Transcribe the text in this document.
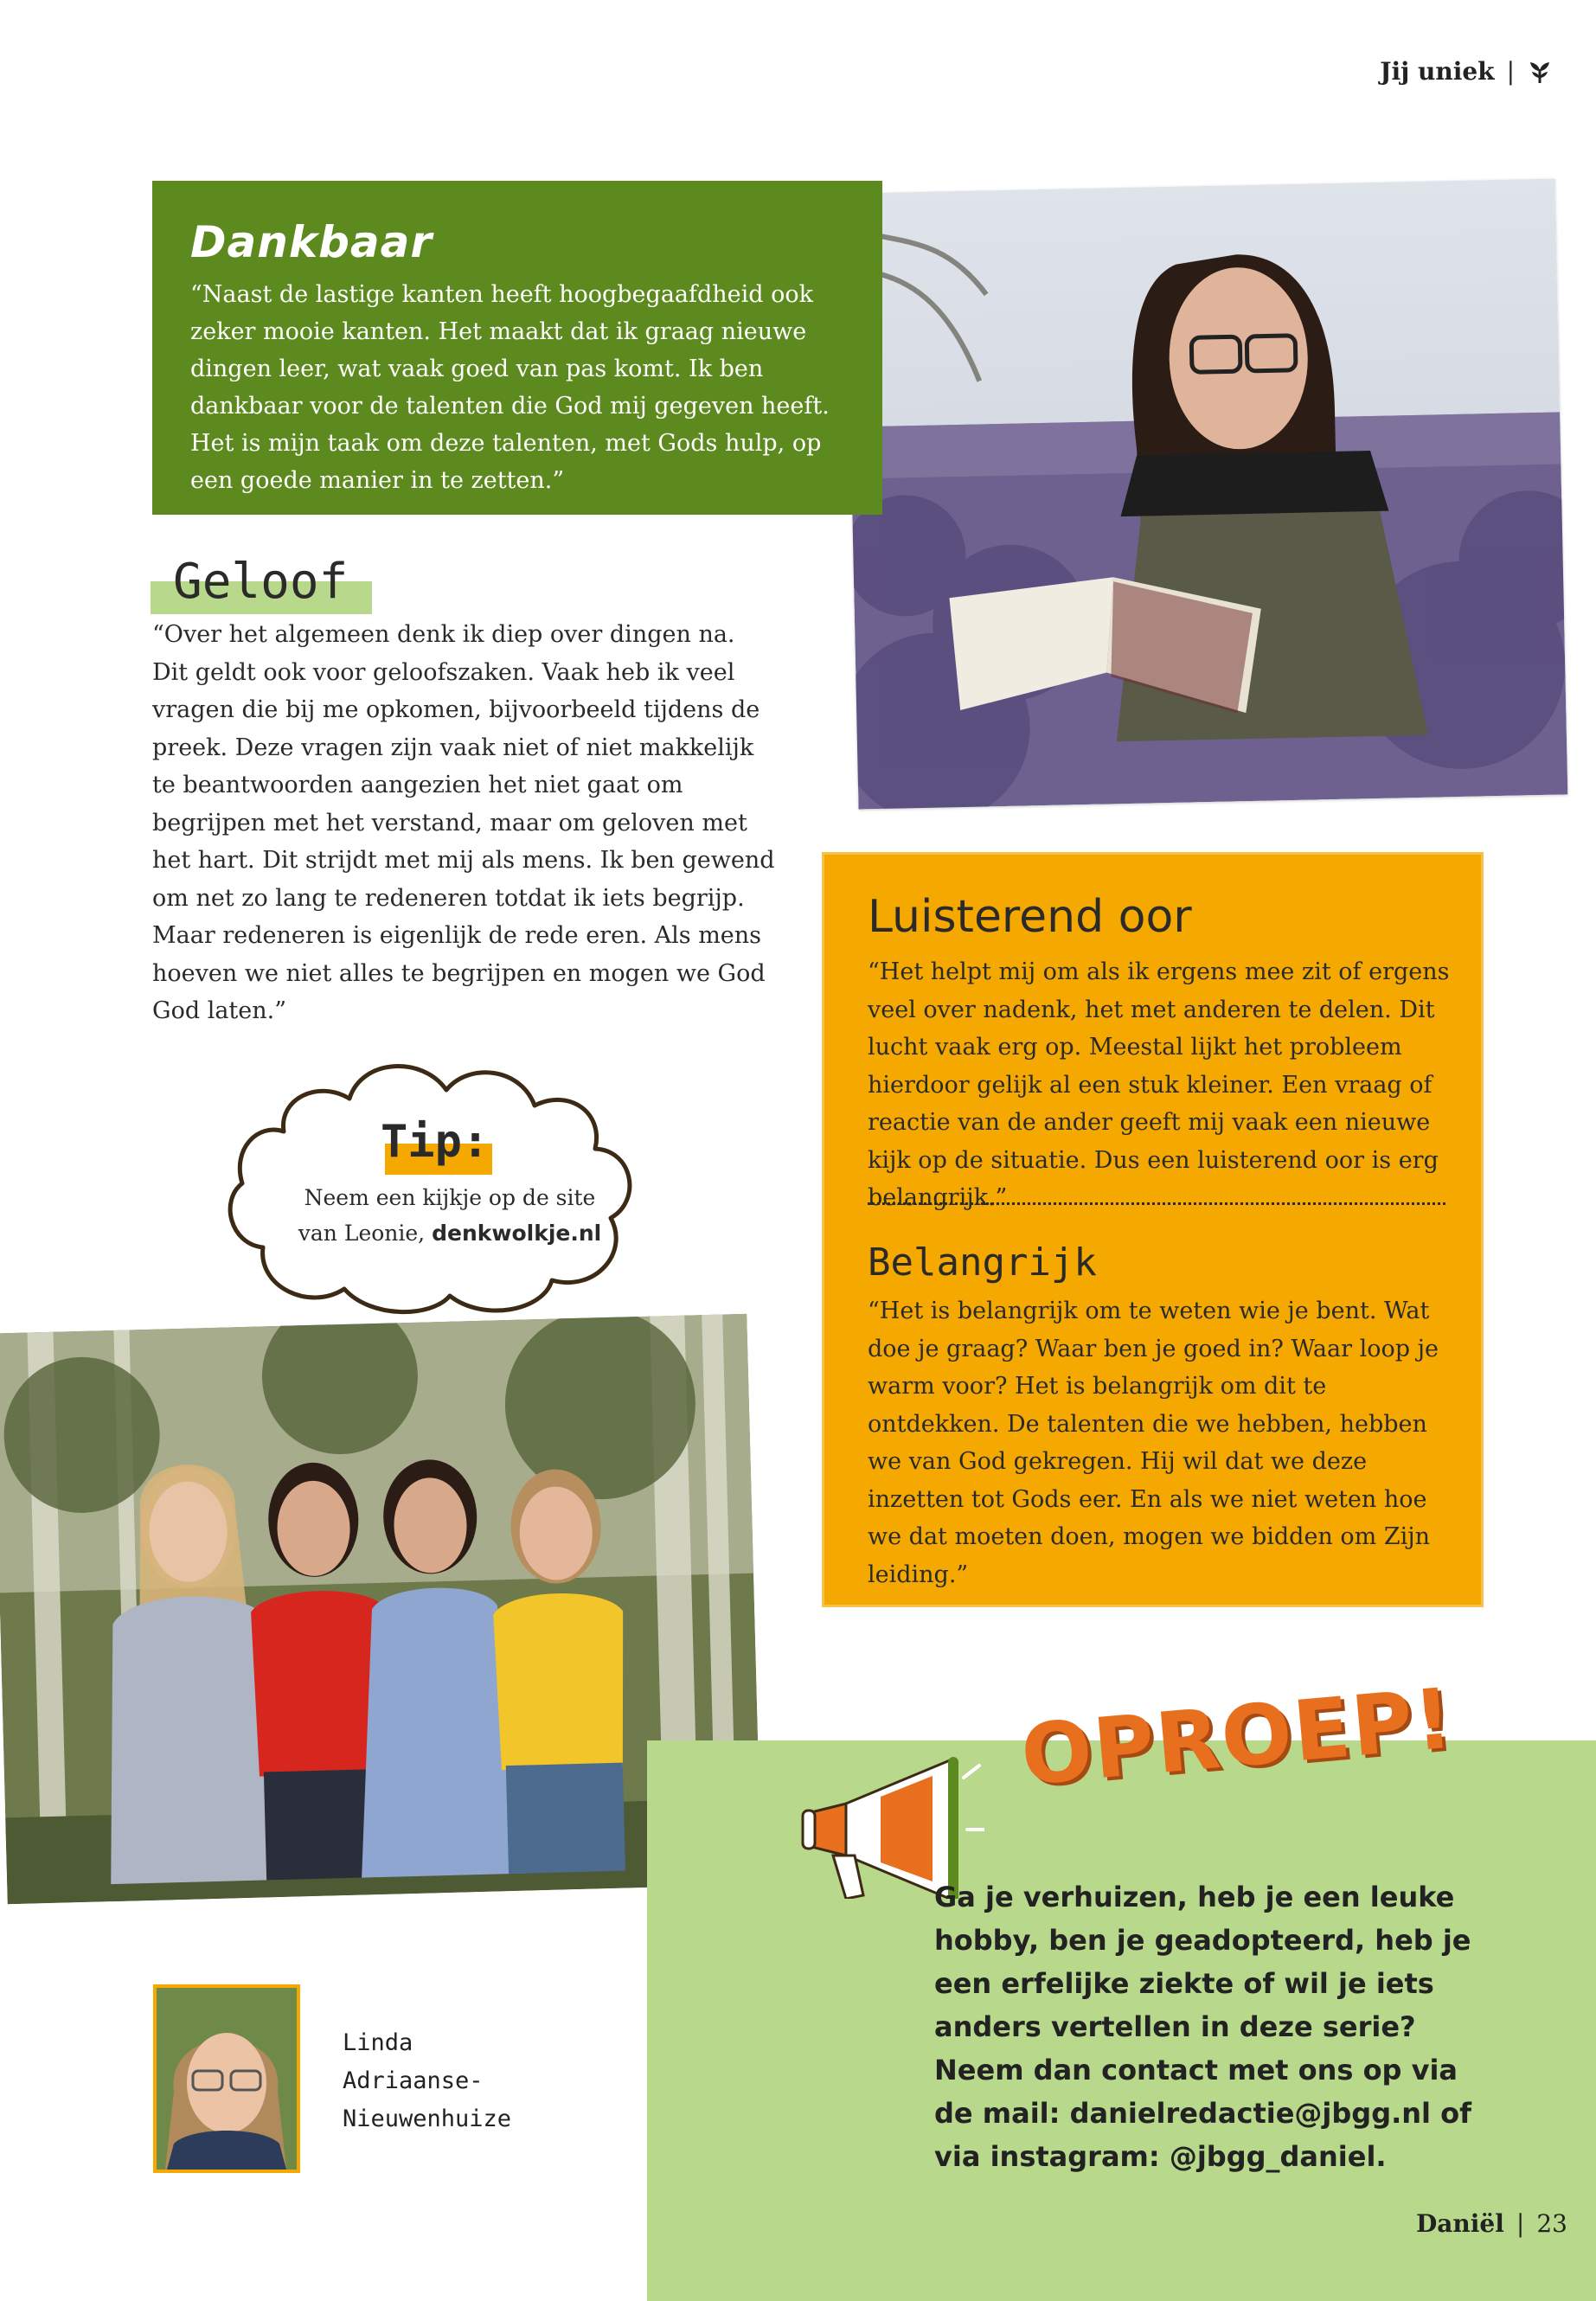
Jij uniek |
Dankbaar

“Naast de lastige kanten heeft hoogbegaafdheid ook zeker mooie kanten. Het maakt dat ik graag nieuwe dingen leer, wat vaak goed van pas komt. Ik ben dankbaar voor de talenten die God mij gegeven heeft. Het is mijn taak om deze talenten, met Gods hulp, op een goede manier in te zetten.”

Geloof

“Over het algemeen denk ik diep over dingen na. Dit geldt ook voor geloofszaken. Vaak heb ik veel vragen die bij me opkomen, bijvoorbeeld tijdens de preek. Deze vragen zijn vaak niet of niet makkelijk te beantwoorden aangezien het niet gaat om begrijpen met het verstand, maar om geloven met het hart. Dit strijdt met mij als mens. Ik ben gewend om net zo lang te redeneren totdat ik iets begrijp. Maar redeneren is eigenlijk de rede eren. Als mens hoeven we niet alles te begrijpen en mogen we God God laten.”

Tip:
Neem een kijkje op de site
van Leonie, denkwolkje.nl
Luisterend oor

“Het helpt mij om als ik ergens mee zit of ergens veel over nadenk, het met anderen te delen. Dit lucht vaak erg op. Meestal lijkt het probleem hierdoor gelijk al een stuk kleiner. Een vraag of reactie van de ander geeft mij vaak een nieuwe kijk op de situatie. Dus een luisterend oor is erg belangrijk.”

Belangrijk

“Het is belangrijk om te weten wie je bent. Wat doe je graag? Waar ben je goed in? Waar loop je warm voor? Het is belangrijk om dit te ontdekken. De talenten die we hebben, hebben we van God gekregen. Hij wil dat we deze inzetten tot Gods eer. En als we niet weten hoe we dat moeten doen, mogen we bidden om Zijn leiding.”

OPROEP!

Ga je verhuizen, heb je een leuke hobby, ben je geadopteerd, heb je een erfelijke ziekte of wil je iets anders vertellen in deze serie? Neem dan contact met ons op via de mail: danielredactie@jbgg.nl of via instagram: @jbgg_daniel.

Linda
Adriaanse-
Nieuwenhuize
Daniël | 23
